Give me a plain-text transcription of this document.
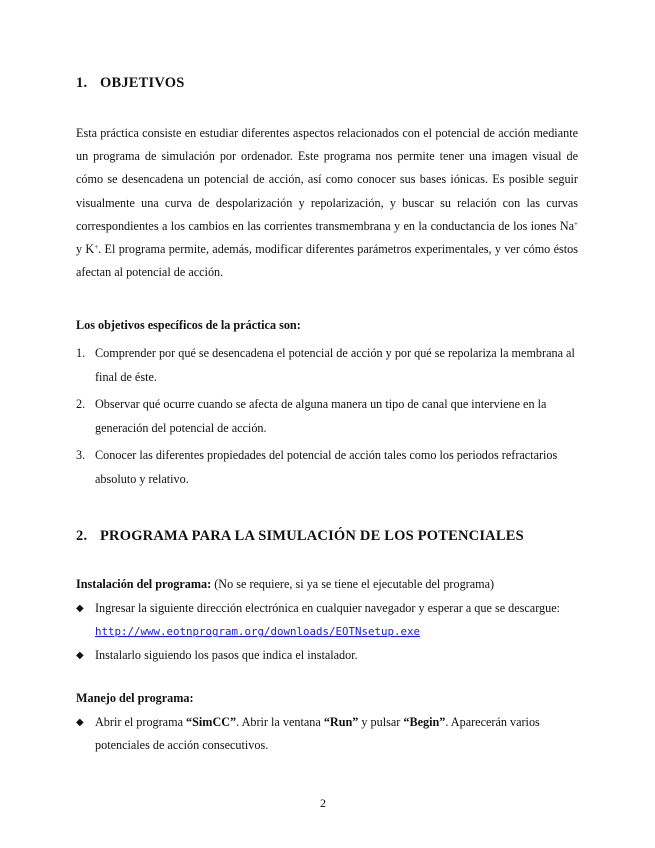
1. OBJETIVOS

Esta práctica consiste en estudiar diferentes aspectos relacionados con el potencial de acción mediante un programa de simulación por ordenador. Este programa nos permite tener una imagen visual de cómo se desencadena un potencial de acción, así como conocer sus bases iónicas. Es posible seguir visualmente una curva de despolarización y repolarización, y buscar su relación con las curvas correspondientes a los cambios en las corrientes transmembrana y en la conductancia de los iones Na+ y K+. El programa permite, además, modificar diferentes parámetros experimentales, y ver cómo éstos afectan al potencial de acción.

Los objetivos específicos de la práctica son:
1. Comprender por qué se desencadena el potencial de acción y por qué se repolariza la membrana al final de éste.
2. Observar qué ocurre cuando se afecta de alguna manera un tipo de canal que interviene en la generación del potencial de acción.
3. Conocer las diferentes propiedades del potencial de acción tales como los periodos refractarios absoluto y relativo.
2. PROGRAMA PARA LA SIMULACIÓN DE LOS POTENCIALES
Instalación del programa: (No se requiere, si ya se tiene el ejecutable del programa)
◆ Ingresar la siguiente dirección electrónica en cualquier navegador y esperar a que se descargue: http://www.eotnprogram.org/downloads/EOTNsetup.exe
◆ Instalarlo siguiendo los pasos que indica el instalador.
Manejo del programa:
◆ Abrir el programa “SimCC”. Abrir la ventana “Run” y pulsar “Begin”. Aparecerán varios potenciales de acción consecutivos.
2
